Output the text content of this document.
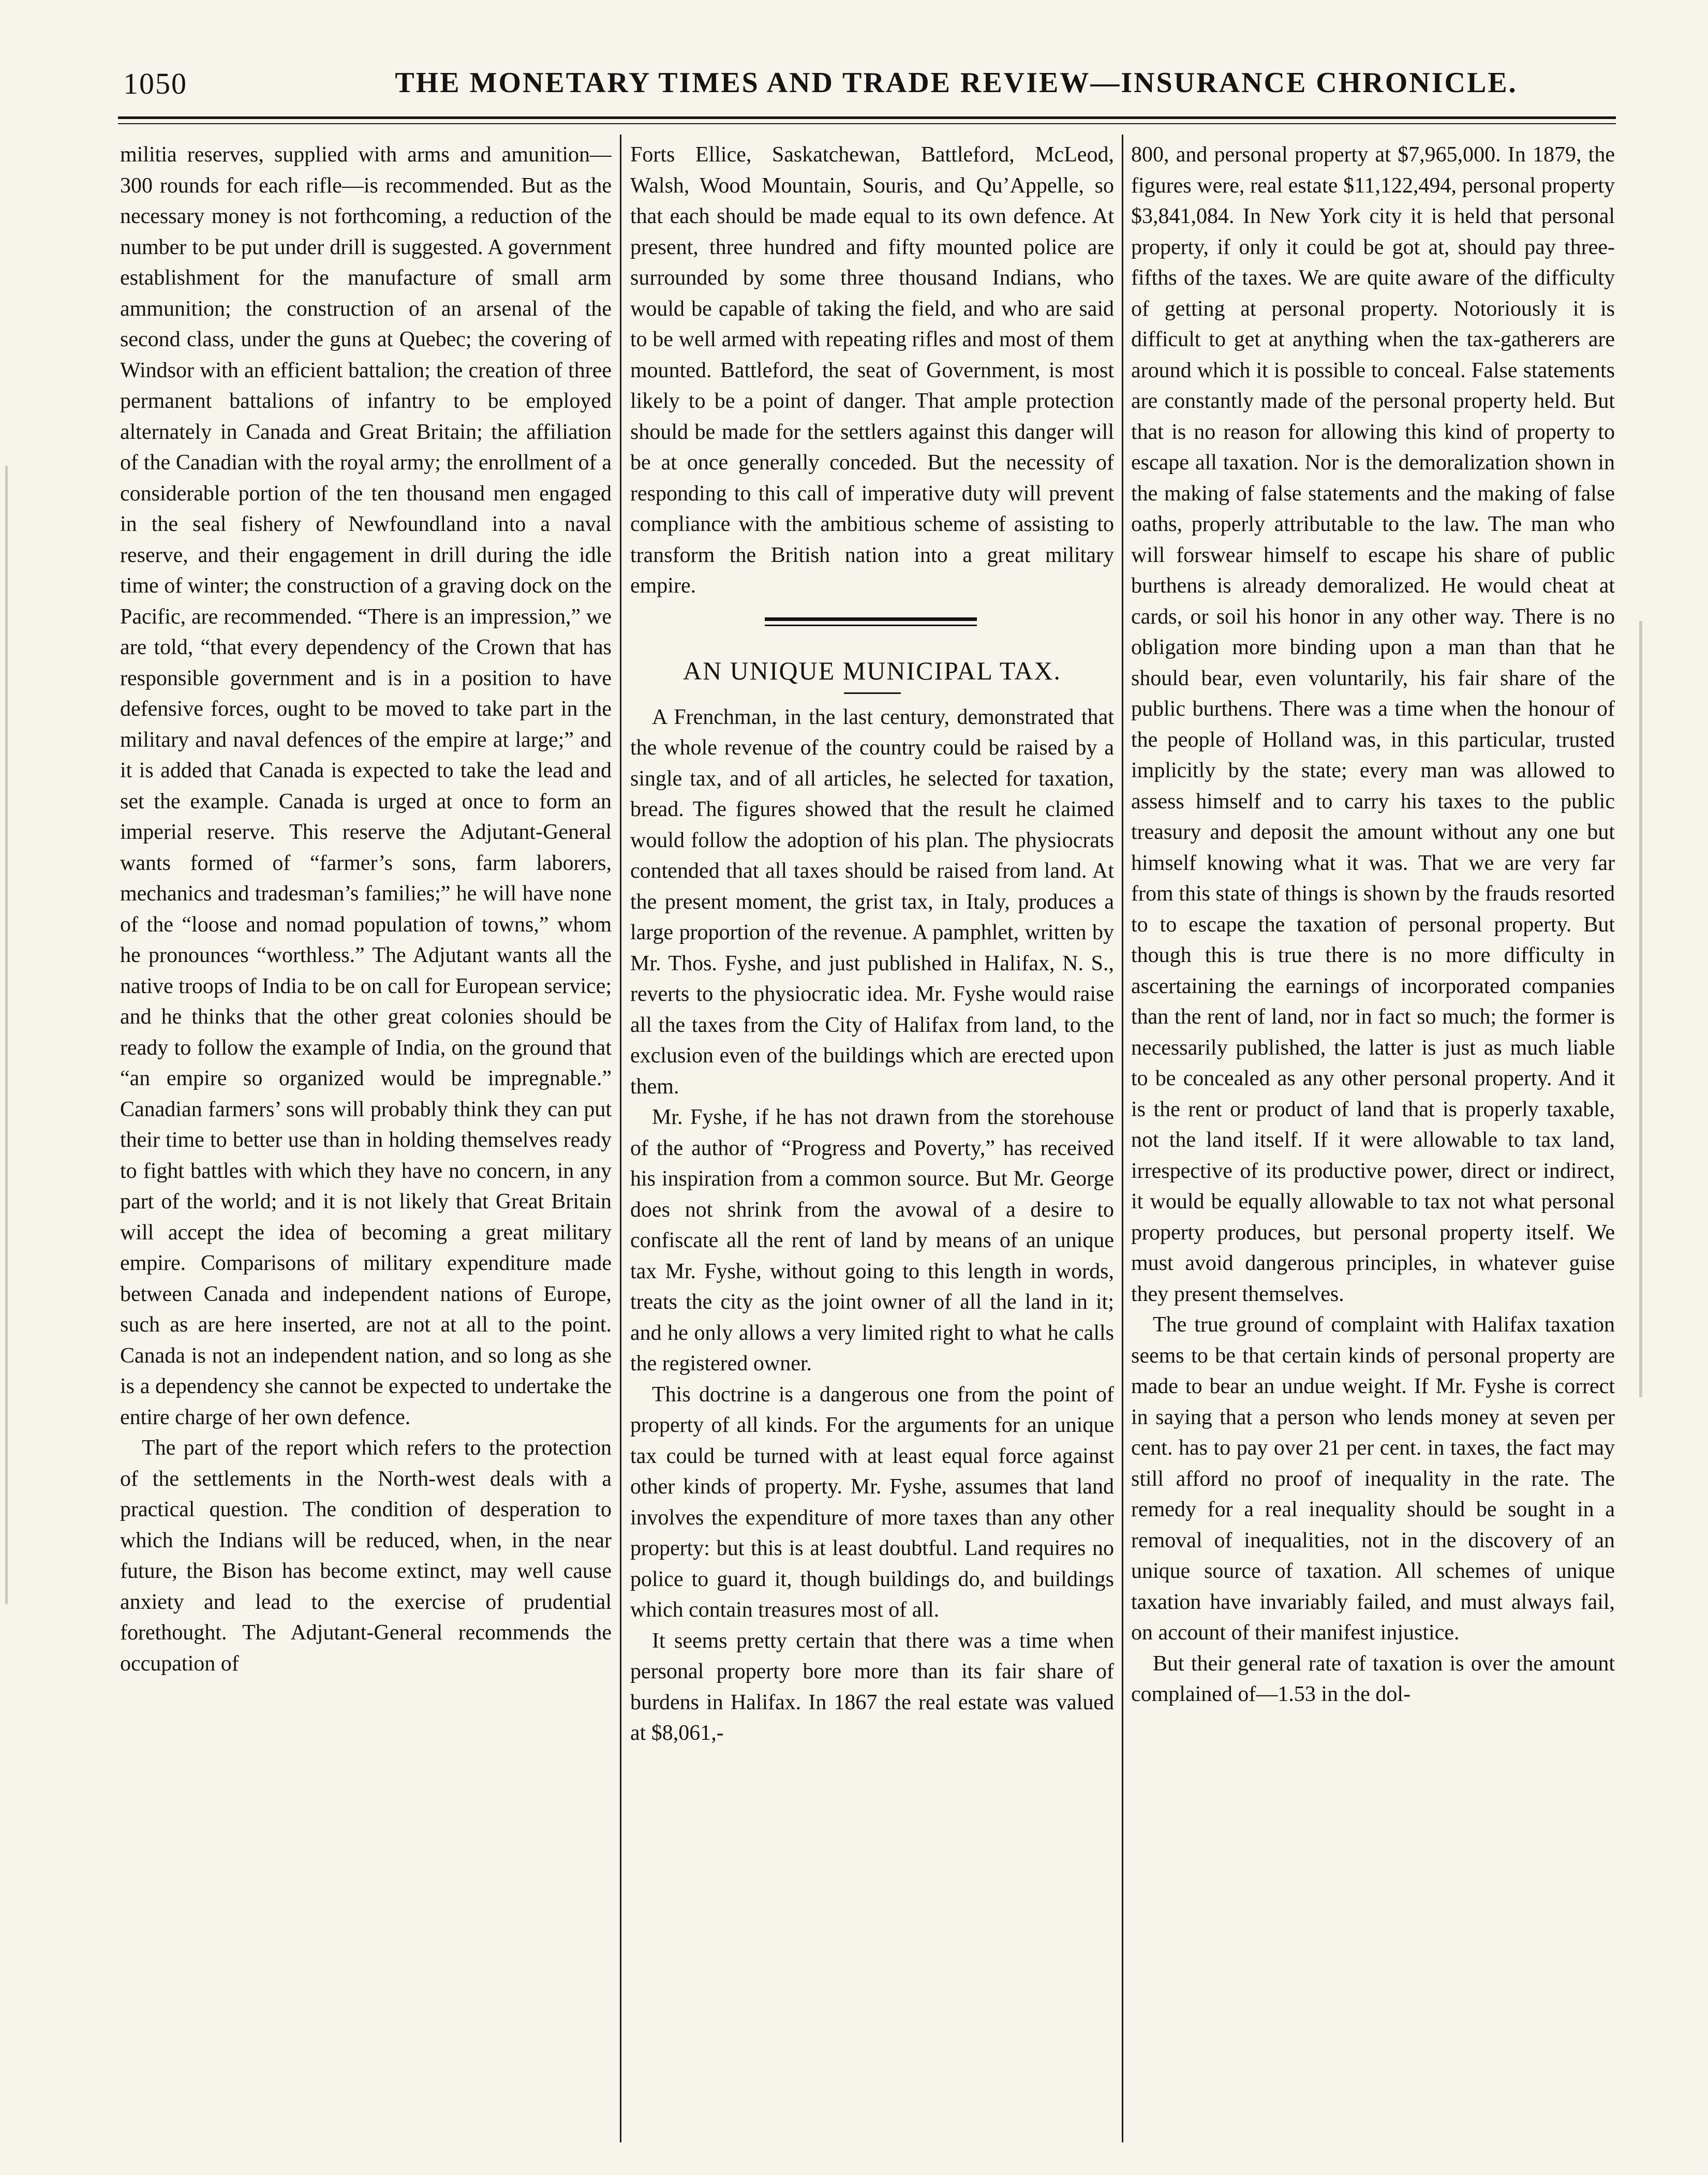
1050	THE MONETARY TIMES AND TRADE REVIEW—INSURANCE CHRONICLE.

militia reserves, supplied with arms and amunition—300 rounds for each rifle—is recommended. But as the necessary money is not forthcoming, a reduction of the number to be put under drill is suggested. A government establishment for the manufacture of small arm ammunition; the construction of an arsenal of the second class, under the guns at Quebec; the covering of Windsor with an efficient battalion; the creation of three permanent battalions of infantry to be employed alternately in Canada and Great Britain; the affiliation of the Canadian with the royal army; the enrollment of a considerable portion of the ten thousand men engaged in the seal fishery of Newfoundland into a naval reserve, and their engagement in drill during the idle time of winter; the construction of a graving dock on the Pacific, are recommended. “There is an impression,” we are told, “that every dependency of the Crown that has responsible government and is in a position to have defensive forces, ought to be moved to take part in the military and naval defences of the empire at large;” and it is added that Canada is expected to take the lead and set the example. Canada is urged at once to form an imperial reserve. This reserve the Adjutant-General wants formed of “farmer’s sons, farm laborers, mechanics and tradesman’s families;” he will have none of the “loose and nomad population of towns,” whom he pronounces “worthless.” The Adjutant wants all the native troops of India to be on call for European service; and he thinks that the other great colonies should be ready to follow the example of India, on the ground that “an empire so organized would be impregnable.” Canadian farmers’ sons will probably think they can put their time to better use than in holding themselves ready to fight battles with which they have no concern, in any part of the world; and it is not likely that Great Britain will accept the idea of becoming a great military empire. Comparisons of military expenditure made between Canada and independent nations of Europe, such as are here inserted, are not at all to the point. Canada is not an independent nation, and so long as she is a dependency she cannot be expected to undertake the entire charge of her own defence.

The part of the report which refers to the protection of the settlements in the North-west deals with a practical question. The condition of desperation to which the Indians will be reduced, when, in the near future, the Bison has become extinct, may well cause anxiety and lead to the exercise of prudential forethought. The Adjutant-General recommends the occupation of

Forts Ellice, Saskatchewan, Battleford, McLeod, Walsh, Wood Mountain, Souris, and Qu’Appelle, so that each should be made equal to its own defence. At present, three hundred and fifty mounted police are surrounded by some three thousand Indians, who would be capable of taking the field, and who are said to be well armed with repeating rifles and most of them mounted. Battleford, the seat of Government, is most likely to be a point of danger. That ample protection should be made for the settlers against this danger will be at once generally conceded. But the necessity of responding to this call of imperative duty will prevent compliance with the ambitious scheme of assisting to transform the British nation into a great military empire.

AN UNIQUE MUNICIPAL TAX.

A Frenchman, in the last century, demonstrated that the whole revenue of the country could be raised by a single tax, and of all articles, he selected for taxation, bread. The figures showed that the result he claimed would follow the adoption of his plan. The physiocrats contended that all taxes should be raised from land. At the present moment, the grist tax, in Italy, produces a large proportion of the revenue. A pamphlet, written by Mr. Thos. Fyshe, and just published in Halifax, N. S., reverts to the physiocratic idea. Mr. Fyshe would raise all the taxes from the City of Halifax from land, to the exclusion even of the buildings which are erected upon them.

Mr. Fyshe, if he has not drawn from the storehouse of the author of “Progress and Poverty,” has received his inspiration from a common source. But Mr. George does not shrink from the avowal of a desire to confiscate all the rent of land by means of an unique tax Mr. Fyshe, without going to this length in words, treats the city as the joint owner of all the land in it; and he only allows a very limited right to what he calls the registered owner.

This doctrine is a dangerous one from the point of property of all kinds. For the arguments for an unique tax could be turned with at least equal force against other kinds of property. Mr. Fyshe, assumes that land involves the expenditure of more taxes than any other property: but this is at least doubtful. Land requires no police to guard it, though buildings do, and buildings which contain treasures most of all.

It seems pretty certain that there was a time when personal property bore more than its fair share of burdens in Halifax. In 1867 the real estate was valued at $8,061,-

800, and personal property at $7,965,000. In 1879, the figures were, real estate $11,122,494, personal property $3,841,084. In New York city it is held that personal property, if only it could be got at, should pay three-fifths of the taxes. We are quite aware of the difficulty of getting at personal property. Notoriously it is difficult to get at anything when the tax-gatherers are around which it is possible to conceal. False statements are constantly made of the personal property held. But that is no reason for allowing this kind of property to escape all taxation. Nor is the demoralization shown in the making of false statements and the making of false oaths, properly attributable to the law. The man who will forswear himself to escape his share of public burthens is already demoralized. He would cheat at cards, or soil his honor in any other way. There is no obligation more binding upon a man than that he should bear, even voluntarily, his fair share of the public burthens. There was a time when the honour of the people of Holland was, in this particular, trusted implicitly by the state; every man was allowed to assess himself and to carry his taxes to the public treasury and deposit the amount without any one but himself knowing what it was. That we are very far from this state of things is shown by the frauds resorted to to escape the taxation of personal property. But though this is true there is no more difficulty in ascertaining the earnings of incorporated companies than the rent of land, nor in fact so much; the former is necessarily published, the latter is just as much liable to be concealed as any other personal property. And it is the rent or product of land that is properly taxable, not the land itself. If it were allowable to tax land, irrespective of its productive power, direct or indirect, it would be equally allowable to tax not what personal property produces, but personal property itself. We must avoid dangerous principles, in whatever guise they present themselves.

The true ground of complaint with Halifax taxation seems to be that certain kinds of personal property are made to bear an undue weight. If Mr. Fyshe is correct in saying that a person who lends money at seven per cent. has to pay over 21 per cent. in taxes, the fact may still afford no proof of inequality in the rate. The remedy for a real inequality should be sought in a removal of inequalities, not in the discovery of an unique source of taxation. All schemes of unique taxation have invariably failed, and must always fail, on account of their manifest injustice.

But their general rate of taxation is over the amount complained of—1.53 in the dol-
